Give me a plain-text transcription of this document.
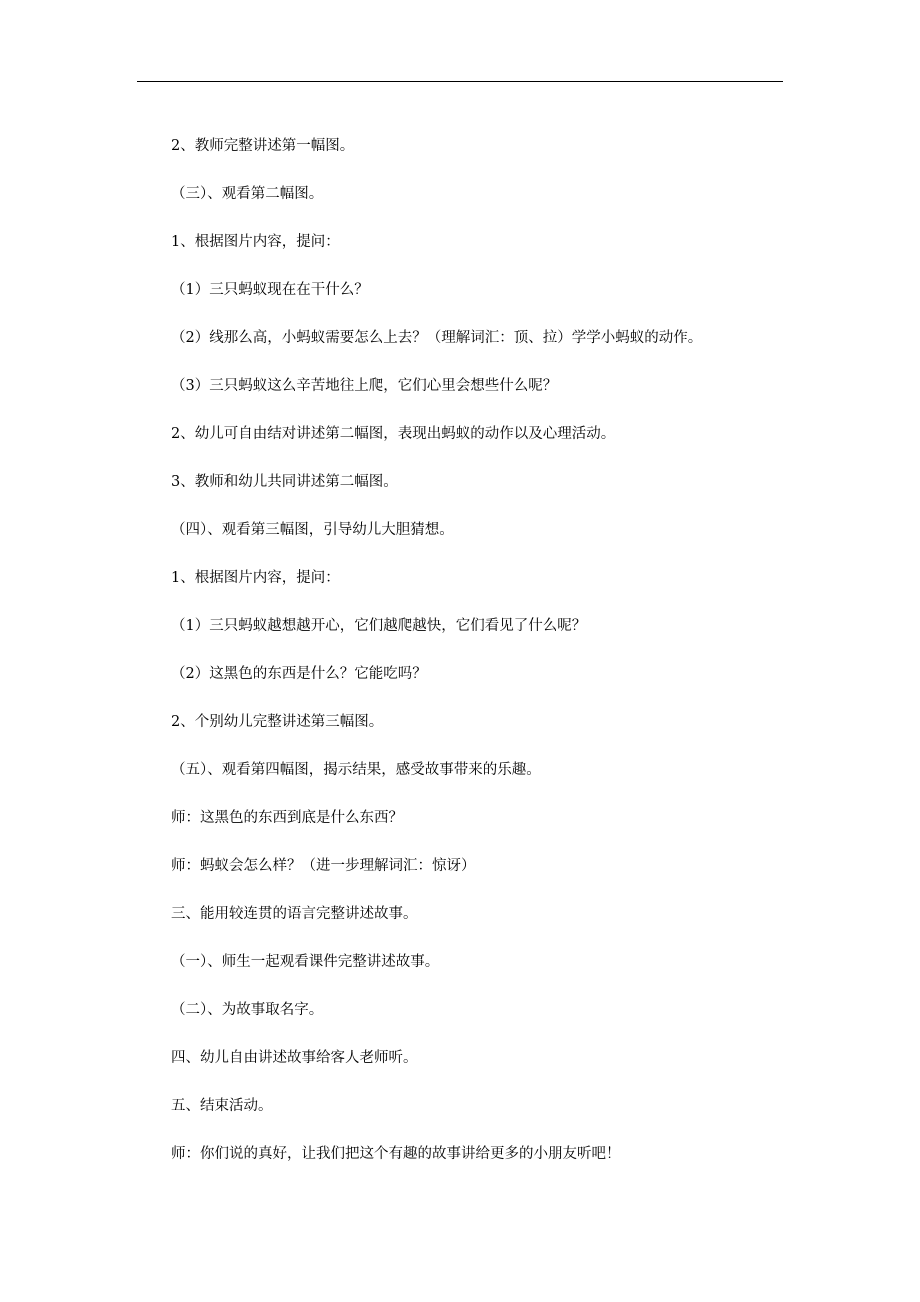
2、教师完整讲述第一幅图。
（三）、观看第二幅图。
1、根据图片内容，提问：
（1）三只蚂蚁现在在干什么？
（2）线那么高，小蚂蚁需要怎么上去？（理解词汇：顶、拉）学学小蚂蚁的动作。
（3）三只蚂蚁这么辛苦地往上爬，它们心里会想些什么呢？
2、幼儿可自由结对讲述第二幅图，表现出蚂蚁的动作以及心理活动。
3、教师和幼儿共同讲述第二幅图。
（四）、观看第三幅图，引导幼儿大胆猜想。
1、根据图片内容，提问：
（1）三只蚂蚁越想越开心，它们越爬越快，它们看见了什么呢？
（2）这黑色的东西是什么？它能吃吗？
2、个别幼儿完整讲述第三幅图。
（五）、观看第四幅图，揭示结果，感受故事带来的乐趣。
师：这黑色的东西到底是什么东西？
师：蚂蚁会怎么样？（进一步理解词汇：惊讶）
三、能用较连贯的语言完整讲述故事。
（一）、师生一起观看课件完整讲述故事。
（二）、为故事取名字。
四、幼儿自由讲述故事给客人老师听。
五、结束活动。
师：你们说的真好，让我们把这个有趣的故事讲给更多的小朋友听吧！
